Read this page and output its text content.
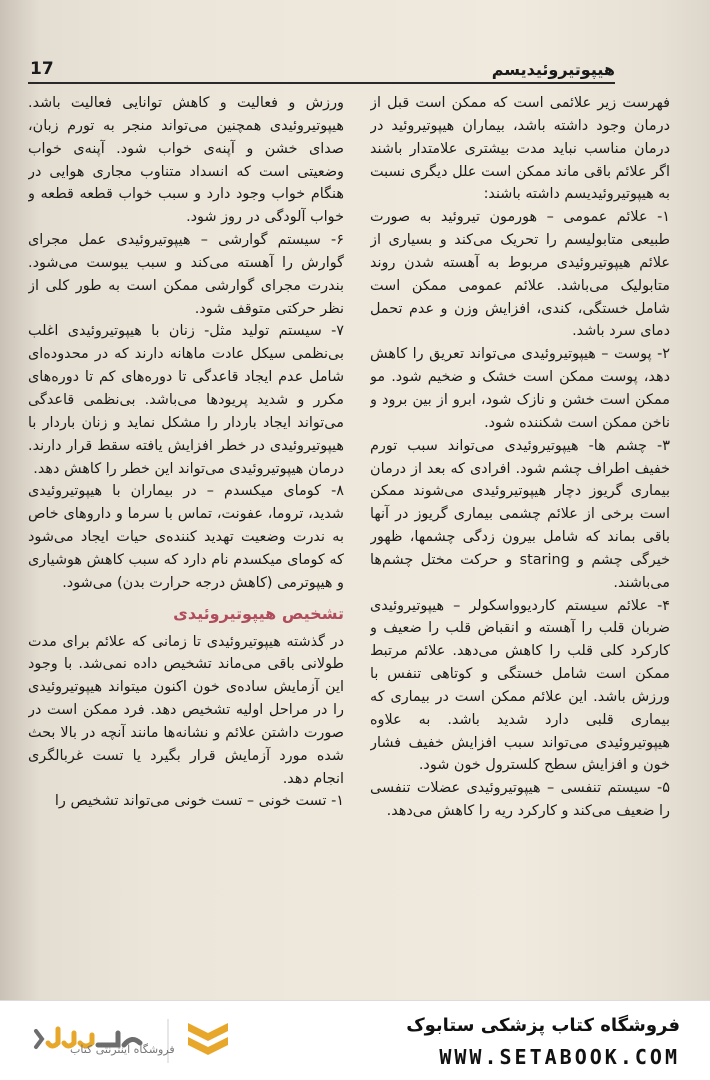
17	هیپوتیروئیدیسم

فهرست زیر علائمی است که ممکن است قبل از درمان وجود داشته باشد، بیماران هیپوتیروئید در درمان مناسب نباید مدت بیشتری علامتدار باشند اگر علائم باقی ماند ممکن است علل دیگری نسبت به هیپوتیروئیدیسم داشته باشند:

۱- علائم عمومی – هورمون تیروئید به صورت طبیعی متابولیسم را تحریک می‌کند و بسیاری از علائم هیپوتیروئیدی مربوط به آهسته شدن روند متابولیک می‌باشد. علائم عمومی ممکن است شامل خستگی، کندی، افزایش وزن و عدم تحمل دمای سرد باشد.

۲- پوست – هیپوتیروئیدی می‌تواند تعریق را کاهش دهد، پوست ممکن است خشک و ضخیم شود. مو ممکن است خشن و نازک شود، ابرو از بین برود و ناخن ممکن است شکننده شود.

۳- چشم ها- هیپوتیروئیدی می‌تواند سبب تورم خفیف اطراف چشم شود. افرادی که بعد از درمان بیماری گریوز دچار هیپوتیروئیدی می‌شوند ممکن است برخی از علائم چشمی بیماری گریوز در آنها باقی بماند که شامل بیرون زدگی چشمها، ظهور خیرگی چشم و staring و حرکت مختل چشم‌ها می‌باشند.

۴- علائم سیستم کاردیوواسکولر – هیپوتیروئیدی ضربان قلب را آهسته و انقباض قلب را ضعیف و کارکرد کلی قلب را کاهش می‌دهد. علائم مرتبط ممکن است شامل خستگی و کوتاهی تنفس با ورزش باشد. این علائم ممکن است در بیماری که بیماری قلبی دارد شدید باشد. به علاوه هیپوتیروئیدی می‌تواند سبب افزایش خفیف فشار خون و افزایش سطح کلسترول خون شود.

۵- سیستم تنفسی – هیپوتیروئیدی عضلات تنفسی را ضعیف می‌کند و کارکرد ریه را کاهش می‌دهد.

ورزش و فعالیت و کاهش توانایی فعالیت باشد. هیپوتیروئیدی همچنین می‌تواند منجر به تورم زبان، صدای خشن و آپنه‌ی خواب شود. آپنه‌ی خواب وضعیتی است که انسداد متناوب مجاری هوایی در هنگام خواب وجود دارد و سبب خواب قطعه قطعه و خواب آلودگی در روز شود.

۶- سیستم گوارشی – هیپوتیروئیدی عمل مجرای گوارش را آهسته می‌کند و سبب یبوست می‌شود. بندرت مجرای گوارشی ممکن است به طور کلی از نظر حرکتی متوقف شود.

۷- سیستم تولید مثل- زنان با هیپوتیروئیدی اغلب بی‌نظمی سیکل عادت ماهانه دارند که در محدوده‌ای شامل عدم ایجاد قاعدگی تا دوره‌های کم تا دوره‌های مکرر و شدید پریودها می‌باشد. بی‌نظمی قاعدگی می‌تواند ایجاد باردار را مشکل نماید و زنان باردار با هیپوتیروئیدی در خطر افزایش یافته سقط قرار دارند. درمان هیپوتیروئیدی می‌تواند این خطر را کاهش دهد.

۸- کومای میکسدم – در بیماران با هیپوتیروئیدی شدید، تروما، عفونت، تماس با سرما و داروهای خاص به ندرت وضعیت تهدید کننده‌ی حیات ایجاد می‌شود که کومای میکسدم نام دارد که سبب کاهش هوشیاری و هیپوترمی (کاهش درجه حرارت بدن) می‌شود.

تشخیص هیپوتیروئیدی

در گذشته هیپوتیروئیدی تا زمانی که علائم برای مدت طولانی باقی می‌ماند تشخیص داده نمی‌شد. با وجود این آزمایش ساده‌ی خون اکنون میتواند هیپوتیروئیدی را در مراحل اولیه تشخیص دهد. فرد ممکن است در صورت داشتن علائم و نشانه‌ها مانند آنچه در بالا بحث شده مورد آزمایش قرار بگیرد یا تست غربالگری انجام دهد.

۱- تست خونی – تست خونی می‌تواند تشخیص را

فروشگاه اینترنتی کتاب
فروشگاه کتاب پزشکی ستابوک
WWW.SETABOOK.COM
